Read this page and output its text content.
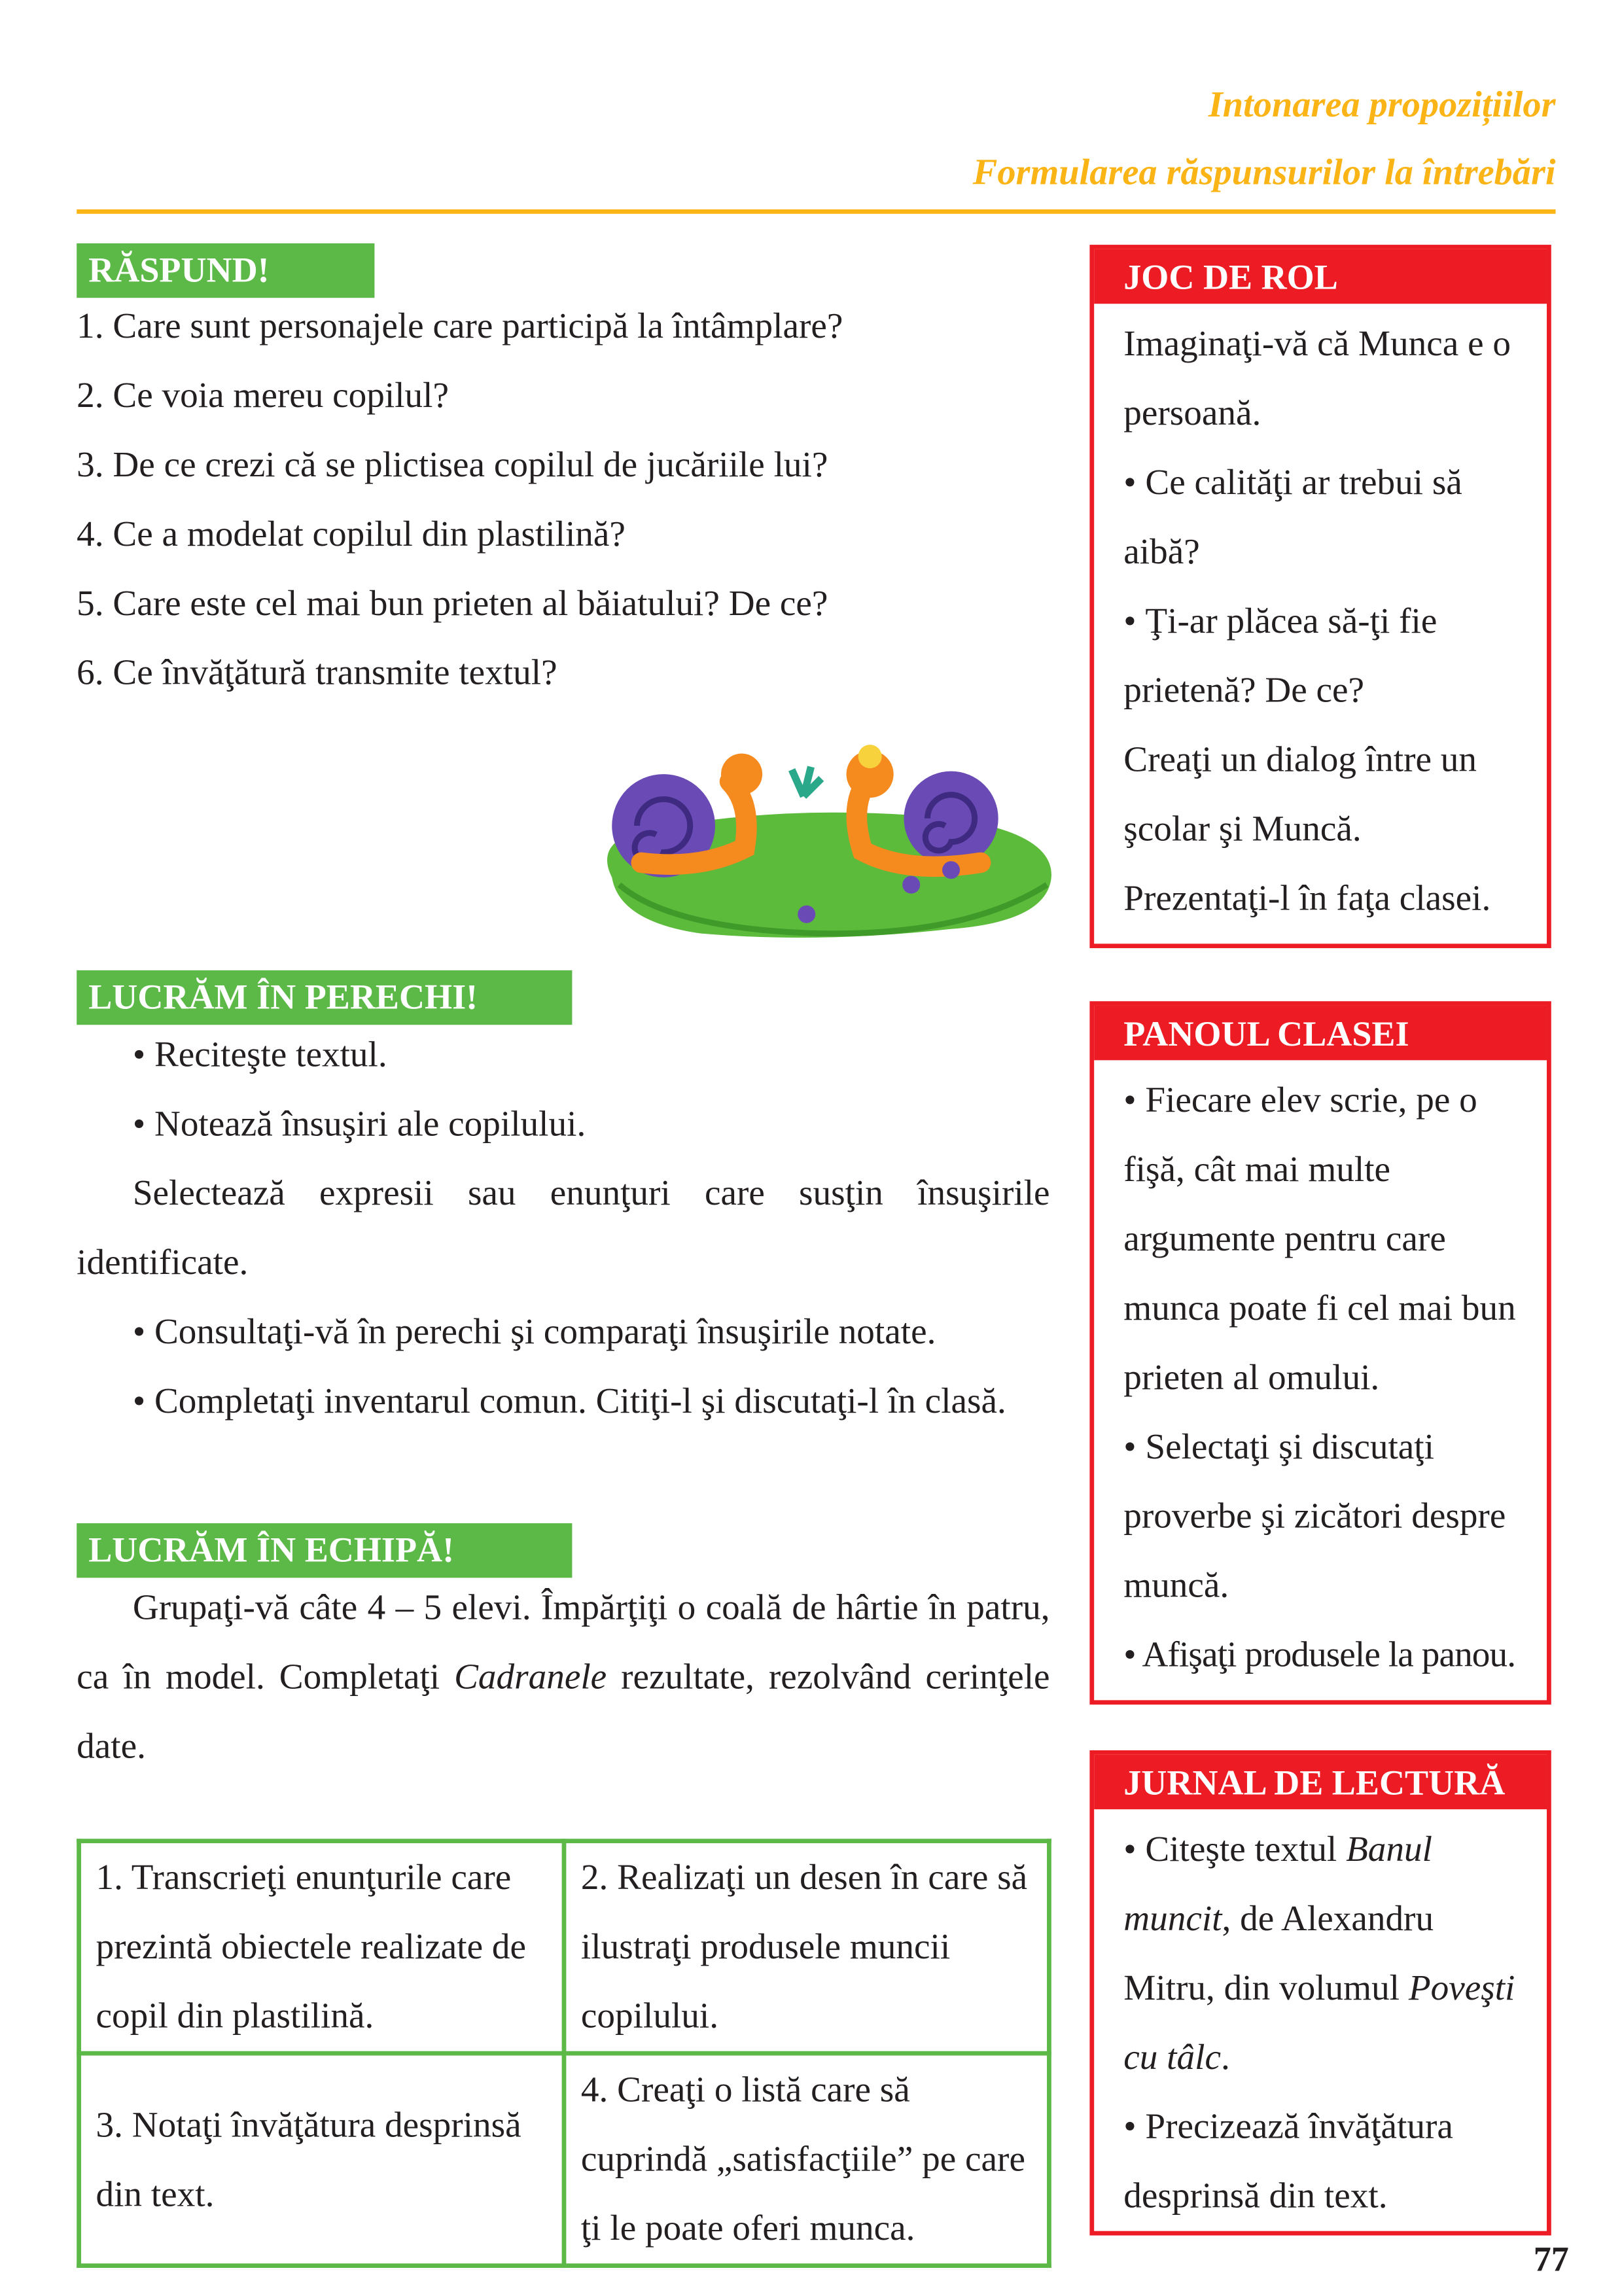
Intonarea propozițiilor
Formularea răspunsurilor la întrebări
RĂSPUND!
1. Care sunt personajele care participă la întâmplare?
2. Ce voia mereu copilul?
3. De ce crezi că se plictisea copilul de jucăriile lui?
4. Ce a modelat copilul din plastilină?
5. Care este cel mai bun prieten al băiatului? De ce?
6. Ce învăţătură transmite textul?
LUCRĂM ÎN PERECHI!
• Reciteşte textul.
• Notează însuşiri ale copilului.
Selectează expresii sau enunţuri care susţin însuşirile identificate.
• Consultaţi-vă în perechi şi comparaţi însuşirile notate.
• Completaţi inventarul comun. Citiţi-l şi discutaţi-l în clasă.
LUCRĂM ÎN ECHIPĂ!
Grupaţi-vă câte 4 – 5 elevi. Împărţiţi o coală de hârtie în patru, ca în model. Completaţi Cadranele rezultate, rezolvând cerinţele date.
1. Transcrieţi enunţurile care prezintă obiectele realizate de copil din plastilină.	2. Realizaţi un desen în care să ilustraţi produsele muncii copilului.
3. Notaţi învăţătura desprinsă din text.	4. Creaţi o listă care să cuprindă „satisfacţiile” pe care ţi le poate oferi munca.
JOC DE ROL
Imaginaţi-vă că Munca e o persoană.
• Ce calităţi ar trebui să aibă?
• Ţi-ar plăcea să-ţi fie prietenă? De ce?
Creaţi un dialog între un şcolar şi Muncă.
Prezentaţi-l în faţa clasei.
PANOUL CLASEI
• Fiecare elev scrie, pe o fişă, cât mai multe argumente pentru care munca poate fi cel mai bun prieten al omului.
• Selectaţi şi discutaţi proverbe şi zicători despre muncă.
• Afişaţi produsele la panou.
JURNAL DE LECTURĂ
• Citeşte textul Banul muncit, de Alexandru Mitru, din volumul Poveşti cu tâlc.
• Precizează învăţătura desprinsă din text.
77
